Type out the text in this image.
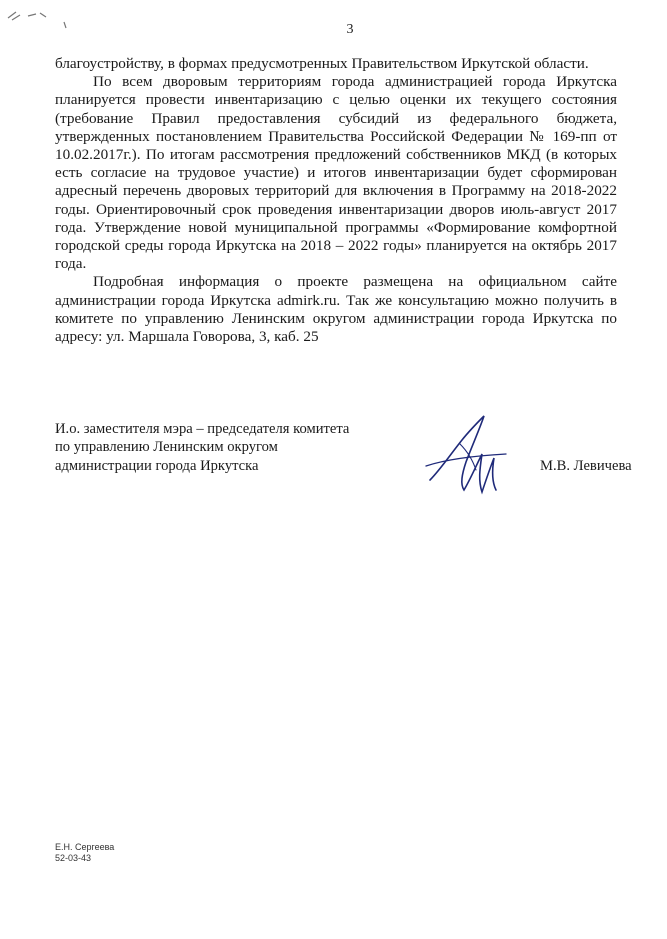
3

благоустройству, в формах предусмотренных Правительством Иркутской области.

По всем дворовым территориям города администрацией города Иркутска планируется провести инвентаризацию с целью оценки их текущего состояния (требование Правил предоставления субсидий из федерального бюджета, утвержденных постановлением Правительства Российской Федерации № 169-пп от 10.02.2017г.). По итогам рассмотрения предложений собственников МКД (в которых есть согласие на трудовое участие) и итогов инвентаризации будет сформирован адресный перечень дворовых территорий для включения в Программу на 2018-2022 годы. Ориентировочный срок проведения инвентаризации дворов июль-август 2017 года. Утверждение новой муниципальной программы «Формирование комфортной городской среды города Иркутска на 2018 – 2022 годы» планируется на октябрь 2017 года.

Подробная информация о проекте размещена на официальном сайте администрации города Иркутска admirk.ru. Так же консультацию можно получить в комитете по управлению Ленинским округом администрации города Иркутска по адресу: ул. Маршала Говорова, 3, каб. 25

И.о. заместителя мэра – председателя комитета
по управлению Ленинским округом
администрации города Иркутска	М.В. Левичева
Е.Н. Сергеева
52-03-43
